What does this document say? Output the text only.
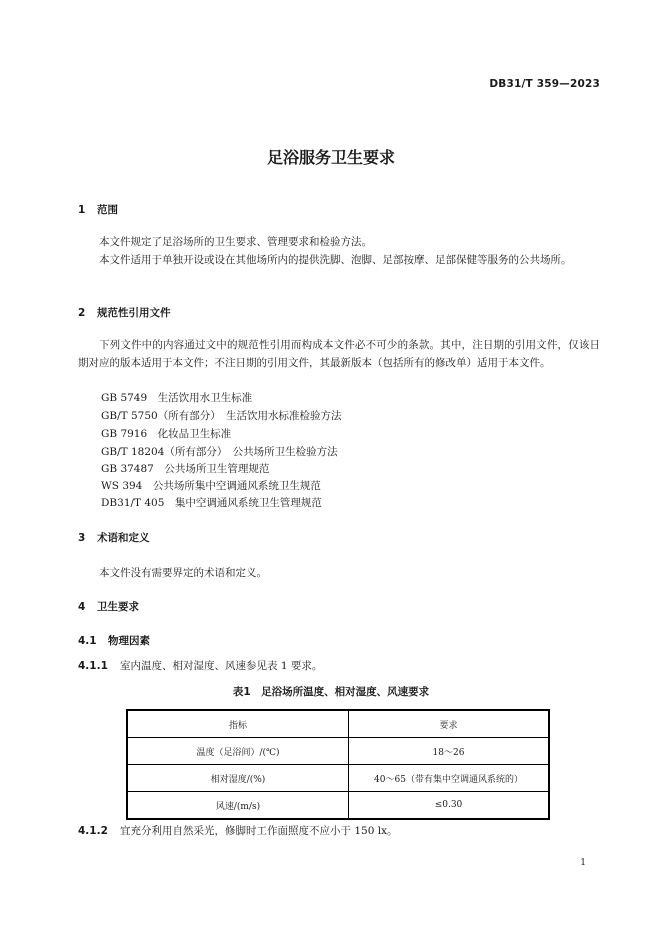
DB31/T 359—2023
足浴服务卫生要求
1 范围
本文件规定了足浴场所的卫生要求、管理要求和检验方法。
本文件适用于单独开设或设在其他场所内的提供洗脚、泡脚、足部按摩、足部保健等服务的公共场所。
2 规范性引用文件
下列文件中的内容通过文中的规范性引用而构成本文件必不可少的条款。其中，注日期的引用文件，仅该日期对应的版本适用于本文件；不注日期的引用文件，其最新版本（包括所有的修改单）适用于本文件。
GB 5749　生活饮用水卫生标准
GB/T 5750（所有部分）　生活饮用水标准检验方法
GB 7916　化妆品卫生标准
GB/T 18204（所有部分）　公共场所卫生检验方法
GB 37487　公共场所卫生管理规范
WS 394　公共场所集中空调通风系统卫生规范
DB31/T 405　集中空调通风系统卫生管理规范
3 术语和定义
本文件没有需要界定的术语和定义。
4 卫生要求
4.1 物理因素
4.1.1 室内温度、相对湿度、风速参见表 1 要求。
表1　足浴场所温度、相对湿度、风速要求
指标	要求
温度（足浴间）/(℃)	18～26
相对湿度/(%)	40～65（带有集中空调通风系统的）
风速/(m/s)	≤0.30
4.1.2 宜充分利用自然采光，修脚时工作面照度不应小于 150 lx。
1
